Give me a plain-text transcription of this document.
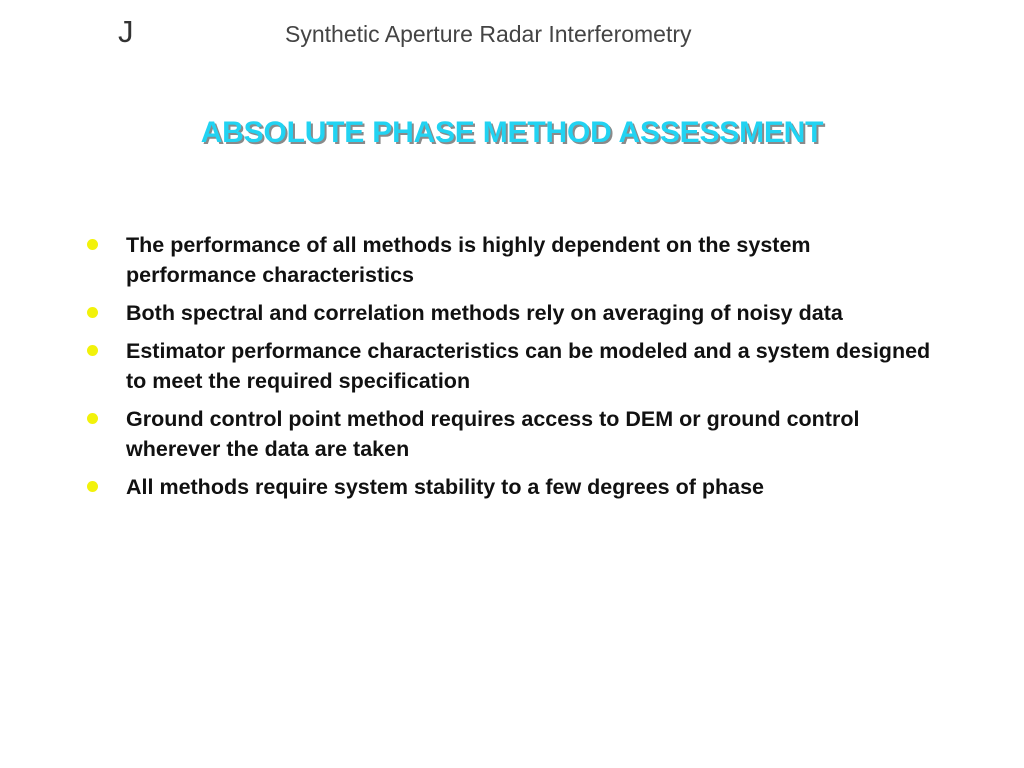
J	Synthetic Aperture Radar Interferometry
ABSOLUTE PHASE METHOD ASSESSMENT
The performance of all methods is highly dependent on the system performance characteristics
Both spectral and correlation methods rely on averaging of noisy data
Estimator performance characteristics can be modeled and a system designed to meet the required specification
Ground control point method requires access to DEM or ground control wherever the data are taken
All methods require system stability to a few degrees of phase
